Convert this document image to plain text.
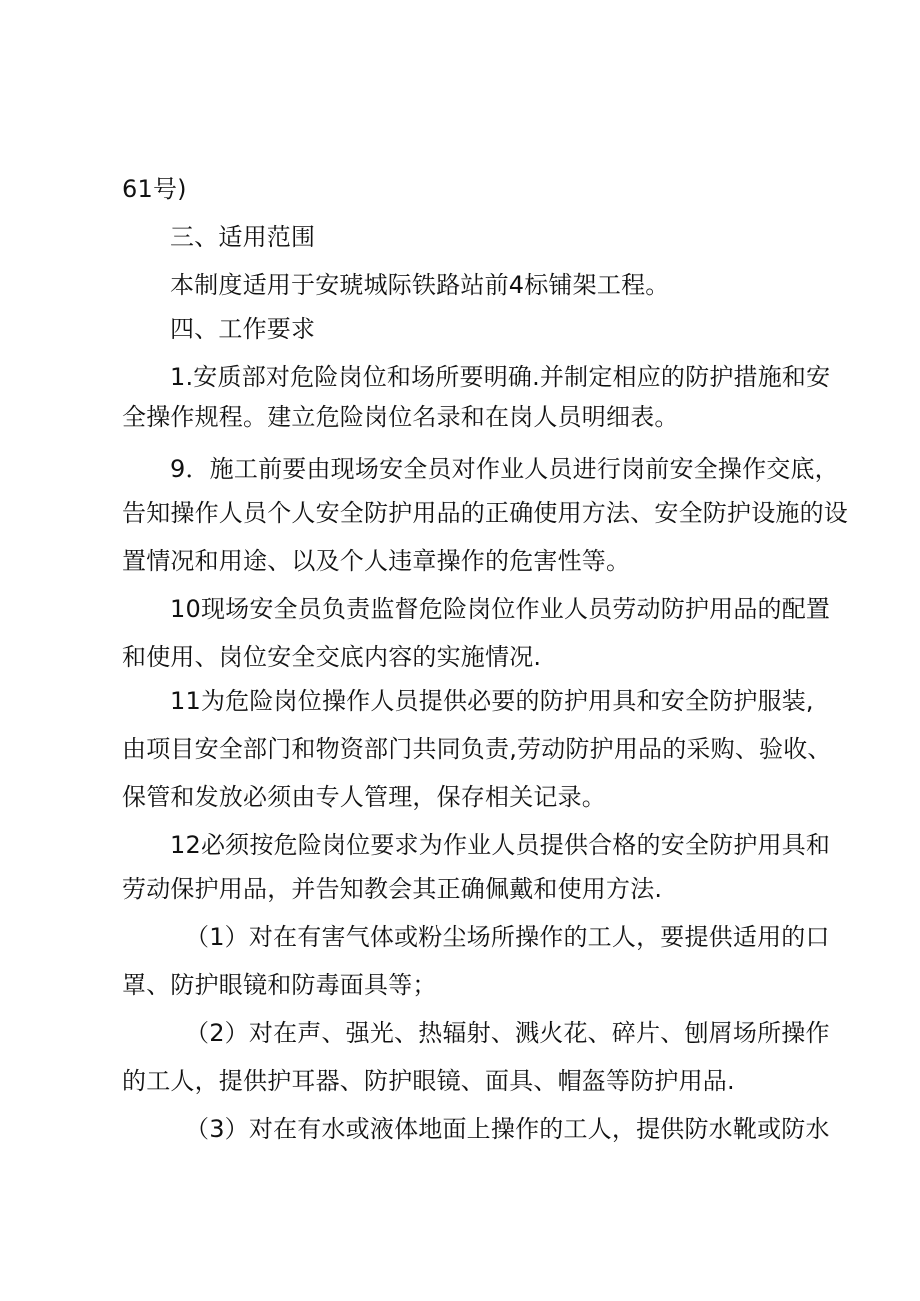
61号)
三、适用范围
本制度适用于安琥城际铁路站前4标铺架工程。
四、工作要求
1.安质部对危险岗位和场所要明确.并制定相应的防护措施和安
全操作规程。建立危险岗位名录和在岗人员明细表。
9．施工前要由现场安全员对作业人员进行岗前安全操作交底，
告知操作人员个人安全防护用品的正确使用方法、安全防护设施的设
置情况和用途、以及个人违章操作的危害性等。
10现场安全员负责监督危险岗位作业人员劳动防护用品的配置
和使用、岗位安全交底内容的实施情况.
11为危险岗位操作人员提供必要的防护用具和安全防护服装,
由项目安全部门和物资部门共同负责,劳动防护用品的采购、验收、
保管和发放必须由专人管理，保存相关记录。
12必须按危险岗位要求为作业人员提供合格的安全防护用具和
劳动保护用品，并告知教会其正确佩戴和使用方法.
（1）对在有害气体或粉尘场所操作的工人，要提供适用的口
罩、防护眼镜和防毒面具等；
（2）对在声、强光、热辐射、溅火花、碎片、刨屑场所操作
的工人，提供护耳器、防护眼镜、面具、帽盔等防护用品.
（3）对在有水或液体地面上操作的工人，提供防水靴或防水
